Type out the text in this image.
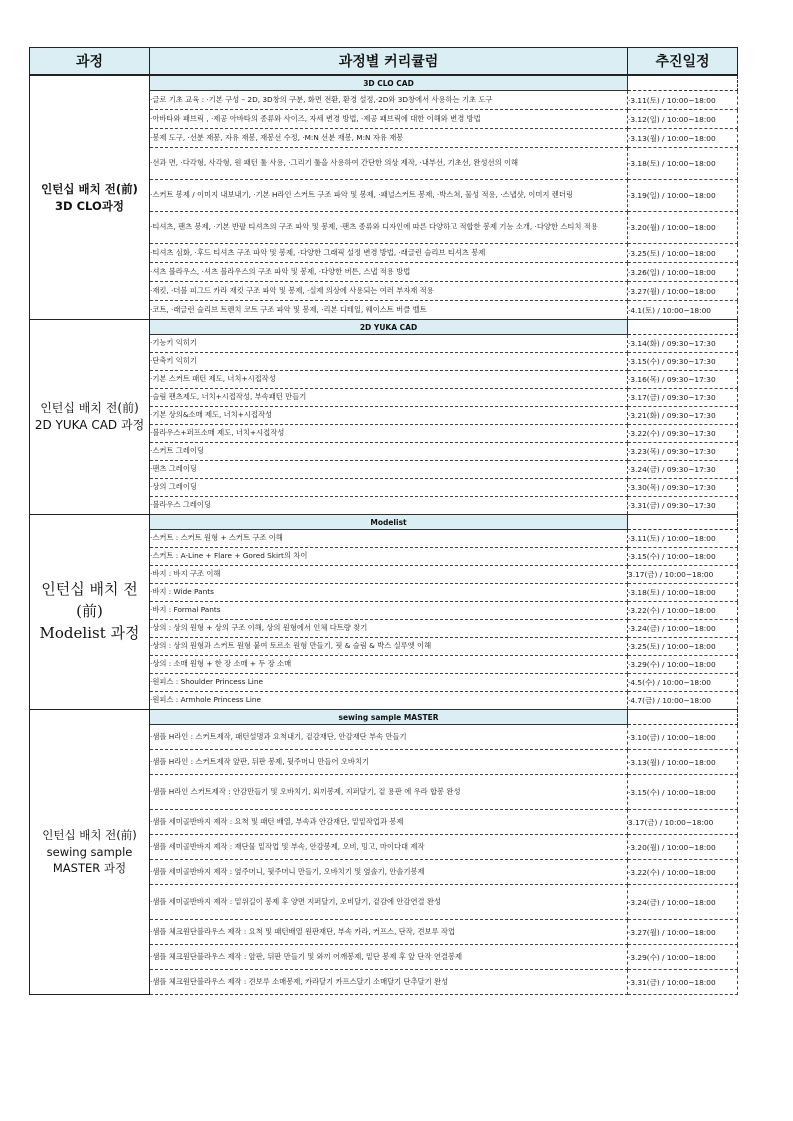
과정	과정별 커리큘럼	추진일정

인턴십 배치 전(前)
3D CLO과정	3D CLO CAD	
	·글로 기초 교육 : ·기본 구성 – 2D, 3D창의 구분, 화면 전환, 환경 설정,·2D와 3D창에서 사용하는 기초 도구	·3.11(토) / 10:00~18:00
	·아바타와 패브릭 , ·제공 아바타의 종류와 사이즈, 자세 변경 방법, ·제공 패브릭에 대한 이해와 변경 방법	·3.12(일) / 10:00~18:00
	·봉제 도구, ·선분 재봉, 자유 재봉, 재봉선 수정, ·M:N 선분 재봉, M:N 자유 재봉	·3.13(월) / 10:00~18:00
	·선과 면, ·다각형, 사각형, 원 패턴 툴 사용, ·그리기 툴을 사용하여 간단한 의상 제작, ·내부선, 기초선, 완성선의 이해	·3.18(토) / 10:00~18:00
	·스커트 봉제 / 이미지 내보내기, ·기본 H라인 스커트 구조 파악 및 봉제, ·패널스커트 봉제, ·박스쳐, 물성 적용, ·스냅샷, 이미지 렌더링	·3.19(일) / 10:00~18:00
	·티셔츠, 팬츠 봉제, ·기본 반팔 티셔츠의 구조 파악 및 봉제, ·팬츠 종류와 디자인에 따른 다양하고 적합한 봉제 기능 소개, ·다양한 스티치 적용	·3.20(월) / 10:00~18:00
	·티셔츠 심화, ·후드 티셔츠 구조 파악 및 봉제, ·다양한 그래픽 설정 변경 방법, ·래글런 슬리브 티셔츠 봉제	·3.25(토) / 10:00~18:00
	·셔츠 블라우스, ·셔츠 블라우스의 구조 파악 및 봉제, ·다양한 버튼, 스냅 적용 방법	·3.26(일) / 10:00~18:00
	·재킷, ·더블 피그드 카라 재킷 구조 파악 및 봉제, ·실제 의상에 사용되는 여러 부자재 적용	·3.27(월) / 10:00~18:00
	·코트, ·래글런 슬리브 트렌치 코트 구조 파악 및 봉제, ·리본 디테일, 웨이스트 버클 벨트	·4.1(토) / 10:00~18:00

인턴십 배치 전(前)
2D YUKA CAD 과정	2D YUKA CAD	
	·기능키 익히기	·3.14(화) / 09:30~17:30
	·단축키 익히기	·3.15(수) / 09:30~17:30
	·기본 스커트 패턴 제도, 너치+시접작성	·3.16(목) / 09:30~17:30
	·슬림 팬츠제도, 너치+시접작성, 부속패턴 만들기	·3.17(금) / 09:30~17:30
	·기본 상의&소매 제도, 너치+시접작성	·3.21(화) / 09:30~17:30
	·블라우스+퍼프소매 제도, 너치+시접작성	·3.22(수) / 09:30~17:30
	·스커트 그레이딩	·3.23(목) / 09:30~17:30
	·팬츠 그레이딩	·3.24(금) / 09:30~17:30
	·상의 그레이딩	·3.30(목) / 09:30~17:30
	·블라우스 그레이딩	·3.31(금) / 09:30~17:30

인턴십 배치 전(前)
Modelist 과정	Modelist	
	·스커트 : 스커트 원형 + 스커트 구조 이해	·3.11(토) / 10:00~18:00
	·스커트 : A-Line + Flare + Gored Skirt의 차이	·3.15(수) / 10:00~18:00
	·바지 : 바지 구조 이해	3.17(금) / 10:00~18:00
	·바지 : Wide Pants	·3.18(토) / 10:00~18:00
	·바지 : Formal Pants	·3.22(수) / 10:00~18:00
	·상의 : 상의 원형 + 상의 구조 이해, 상의 원형에서 인체 다트량 찾기	·3.24(금) / 10:00~18:00
	·상의 : 상의 원형과 스커트 원형 붙여 토르소 원형 만들기, 핏 & 슬림 & 박스 실루엣 이해	·3.25(토) / 10:00~18:00
	·상의 : 소매 원형 + 한 장 소매 + 두 장 소매	·3.29(수) / 10:00~18:00
	·원피스 : Shoulder Princess Line	·4.5(수) / 10:00~18:00
	·원피스 : Armhole Princess Line	·4.7(금) / 10:00~18:00

인턴십 배치 전(前)
sewing sample
MASTER 과정	sewing sample MASTER	
	·샘플 H라인 : 스커트제작, 패턴설명과 요척내기, 겉감재단, 안감재단 부속 만들기	·3.10(금) / 10:00~18:00
	·샘플 H라인 : 스커트제작 앞판, 뒤판 봉제, 뒷주머니 만들어 오바치기	·3.13(월) / 10:00~18:00
	·샘플 H라인 스커트제작 : 안감만들기 및 오바치기, 외끼봉제, 지퍼달기, 겉 용판 에 우라 합봉 완성	·3.15(수) / 10:00~18:00
	·샘플 세미골반바지 제작 : 요척 및 패턴 배열, 부속과 안감재단, 밑밑작업과 봉제	3.17(금) / 10:00~18:00
	·샘플 세미골반바지 제작 : 재단물 밑작업 및 부속, 안감봉제, 오비, 밍고, 마이다대 제작	·3.20(월) / 10:00~18:00
	·샘플 세미골반바지 제작 : 옆주머니, 뒷주머니 만들기, 오바치기 및 옆솔기, 안솔기봉제	·3.22(수) / 10:00~18:00
	·샘플 세미골반바지 제작 : 밑위길이 봉제 후 양면 지퍼달기, 오비달기, 겉감에 안감연결 완성	·3.24(금) / 10:00~18:00
	·샘플 체크원단블라우스 제작 : 요척 및 패턴배열 원판재단, 부속 카라, 커프스, 단작, 견보루 작업	·3.27(월) / 10:00~18:00
	·샘플 체크원단블라우스 제작 : 앞판, 뒤판 만들기 및 와끼 어깨봉제, 밑단 봉제 후 앞 단작 연결봉제	·3.29(수) / 10:00~18:00
	·샘플 체크원단블라우스 제작 : 견보루 소매봉제, 카라달기 카프스달기 소매달기 단추달기 완성	·3.31(금) / 10:00~18:00
